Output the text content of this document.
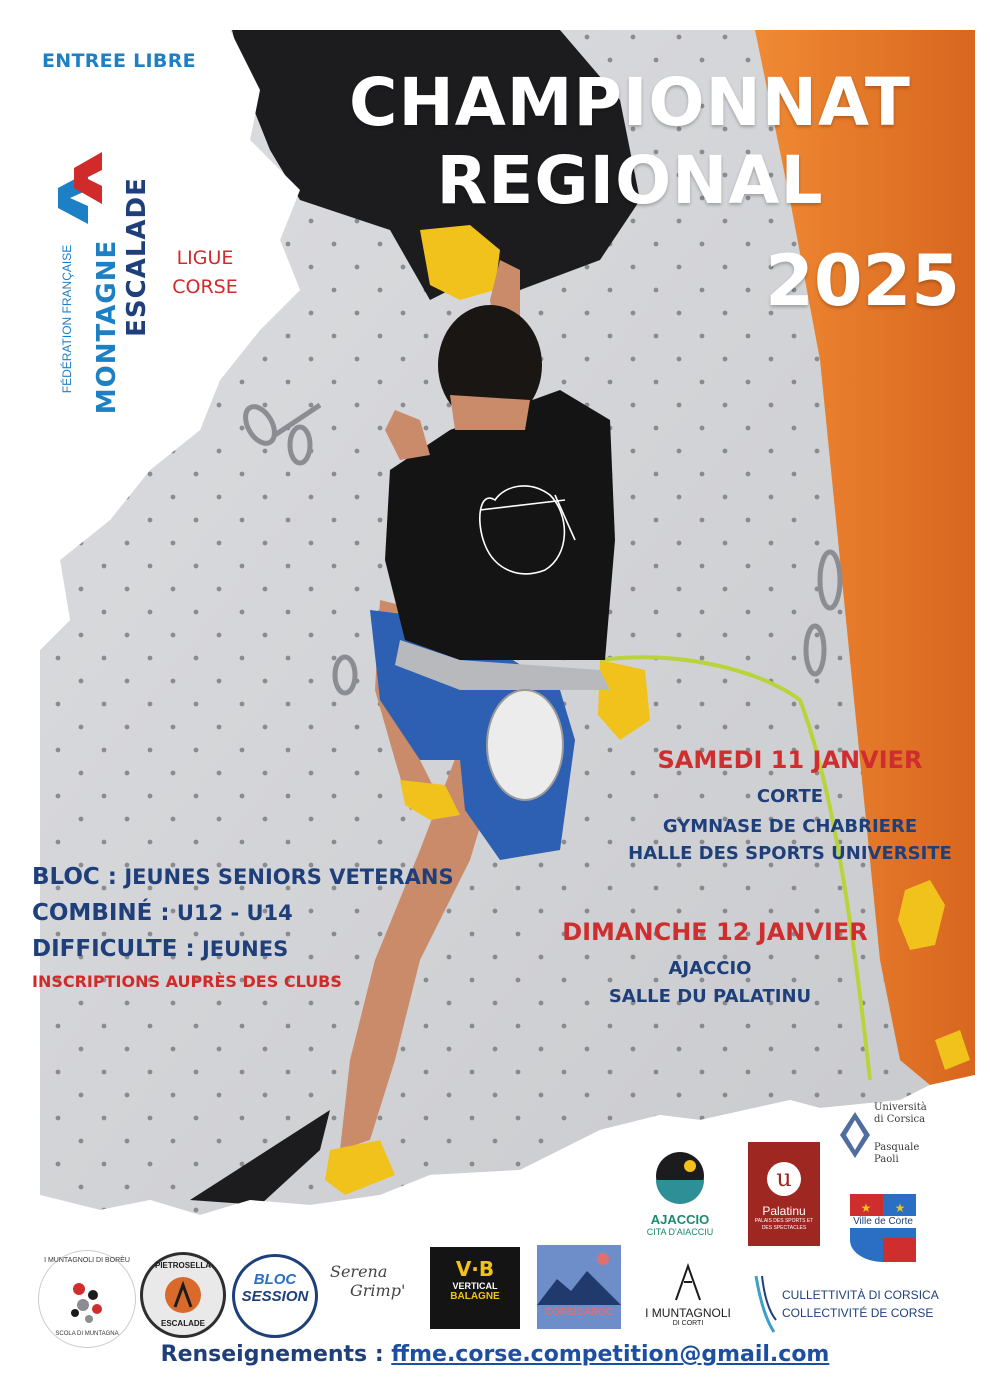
ENTREE LIBRE
CHAMPIONNAT
REGIONAL
2025
FÉDÉRATION FRANÇAISE MONTAGNE ESCALADE	LIGUE
CORSE
SAMEDI 11 JANVIER
CORTE
GYMNASE DE CHABRIERE
HALLE DES SPORTS UNIVERSITE
DIMANCHE 12 JANVIER
AJACCIO
SALLE DU PALATINU
BLOC : JEUNES SENIORS VETERANS
COMBINÉ : U12 - U14
DIFFICULTE : JEUNES
INSCRIPTIONS AUPRÈS DES CLUBS
AJACCIO
CITA D'AIACCIU
u
Palatinu
PALAIS DES SPORTS ET DES SPECTACLES
Università
di Corsica
Pasquale
Paoli
★ ★
Ville de Corte
I MUNTAGNOLI DI BORÈU
SCOLA DI MUNTAGNA
PIETROSELLA
ESCALADE
BLOC
SESSION
Serena
Grimp'
V·B
VERTICAL
BALAGNE
CORSICAROC	I MUNTAGNOLI
DI CORTI
CULLETTIVITÀ DI CORSICA
COLLECTIVITÉ DE CORSE
Renseignements : ffme.corse.competition@gmail.com
